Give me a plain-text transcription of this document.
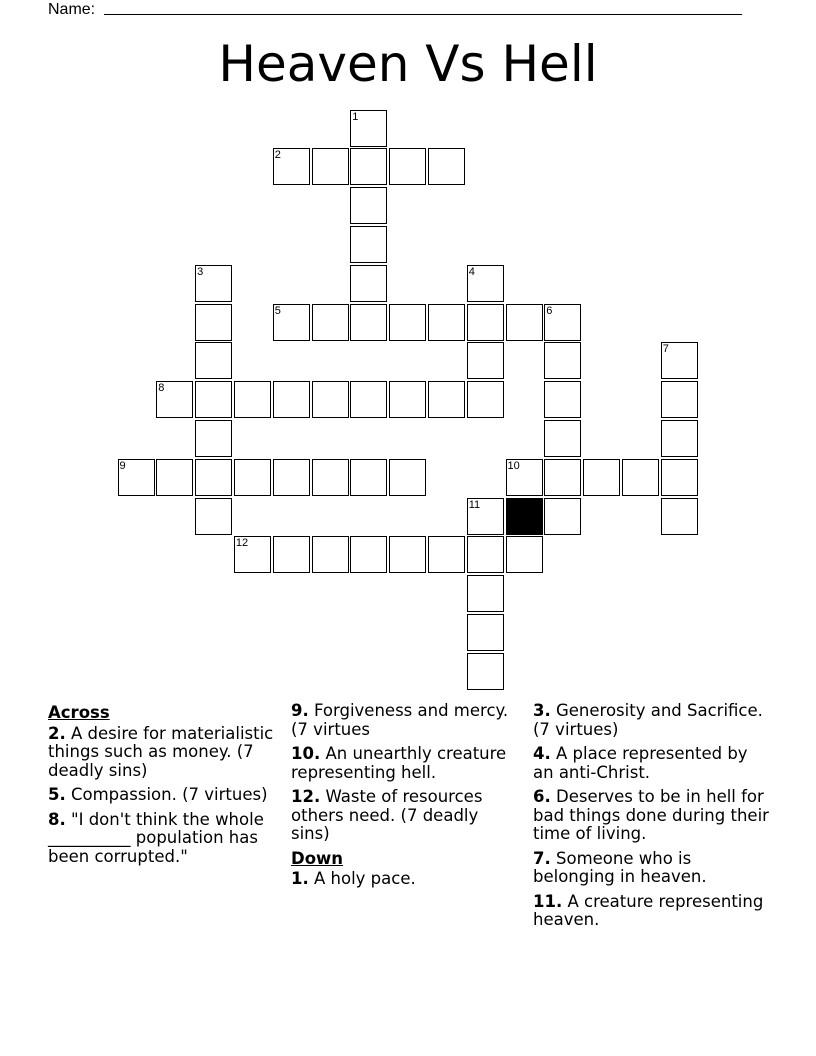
Name:
Heaven Vs Hell
1
2
3	4
5	6
7
8
9	10
11
12
Across
2. A desire for materialistic things such as money. (7 deadly sins)
5. Compassion. (7 virtues)
8. "I don't think the whole __________ population has been corrupted."
9. Forgiveness and mercy. (7 virtues
10. An unearthly creature representing hell.
12. Waste of resources others need. (7 deadly sins)
Down
1. A holy pace.
3. Generosity and Sacrifice. (7 virtues)
4. A place represented by an anti-Christ.
6. Deserves to be in hell for bad things done during their time of living.
7. Someone who is belonging in heaven.
11. A creature representing heaven.
